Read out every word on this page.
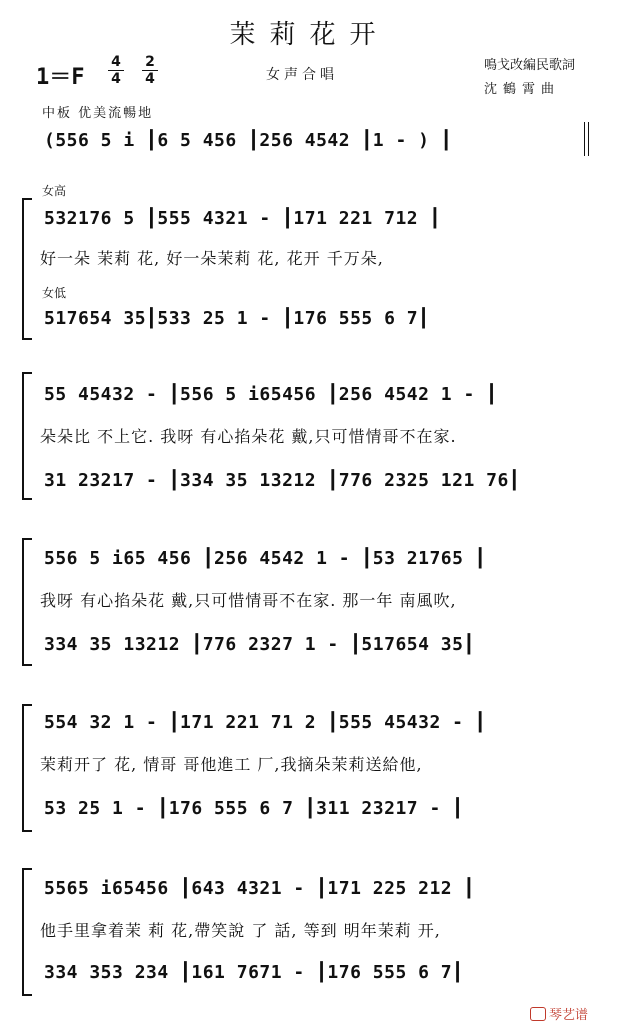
茉莉花开
1＝F
4
4
2
4	女声合唱
鳴戈改編民歌詞
沈鶴霄曲
中板 优美流暢地
(556 5 i ┃6 5 456 ┃256 4542 ┃1 - ) ┃
女高
532176 5 ┃555 4321 - ┃171 221 712 ┃
好一朵 茉莉 花, 好一朵茉莉 花, 花开 千万朵,
女低
517654 35┃533 25 1 - ┃176 555 6 7┃
55 45432 - ┃556 5 i65456 ┃256 4542 1 - ┃
朵朵比 不上它. 我呀 有心掐朵花 戴,只可惜情哥不在家.
31 23217 - ┃334 35 13212 ┃776 2325 121 76┃
556 5 i65 456 ┃256 4542 1 - ┃53 21765 ┃
我呀 有心掐朵花 戴,只可惜情哥不在家. 那一年 南風吹,
334 35 13212 ┃776 2327 1 - ┃517654 35┃
554 32 1 - ┃171 221 71 2 ┃555 45432 - ┃
茉莉开了 花, 情哥 哥他進工 厂,我摘朵茉莉送給他,
53 25 1 - ┃176 555 6 7 ┃311 23217 - ┃
5565 i65456 ┃643 4321 - ┃171 225 212 ┃
他手里拿着茉 莉 花,帶笑說 了 話, 等到 明年茉莉 开,
334 353 234 ┃161 7671 - ┃176 555 6 7┃
琴艺谱
